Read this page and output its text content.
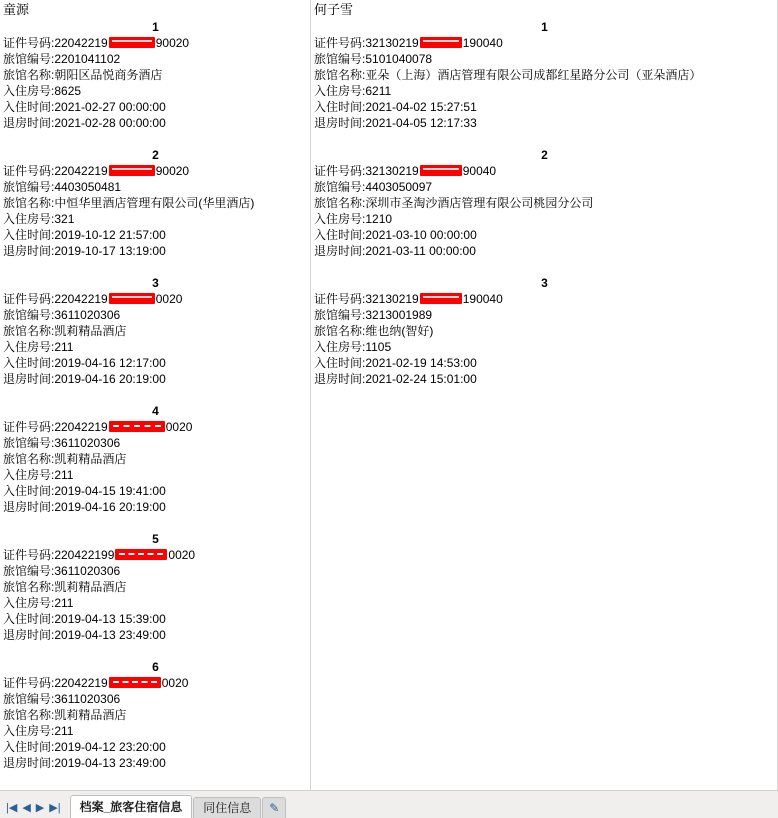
童源
1
证件号码:22042219	90020
旅馆编号:2201041102
旅馆名称:朝阳区品悦商务酒店
入住房号:8625
入住时间:2021-02-27 00:00:00
退房时间:2021-02-28 00:00:00
2
证件号码:22042219	90020
旅馆编号:4403050481
旅馆名称:中恒华里酒店管理有限公司(华里酒店)
入住房号:321
入住时间:2019-10-12 21:57:00
退房时间:2019-10-17 13:19:00
3
证件号码:22042219	0020
旅馆编号:3611020306
旅馆名称:凯莉精品酒店
入住房号:211
入住时间:2019-04-16 12:17:00
退房时间:2019-04-16 20:19:00
4
证件号码:22042219	0020
旅馆编号:3611020306
旅馆名称:凯莉精品酒店
入住房号:211
入住时间:2019-04-15 19:41:00
退房时间:2019-04-16 20:19:00
5
证件号码:220422199	0020
旅馆编号:3611020306
旅馆名称:凯莉精品酒店
入住房号:211
入住时间:2019-04-13 15:39:00
退房时间:2019-04-13 23:49:00
6
证件号码:22042219	0020
旅馆编号:3611020306
旅馆名称:凯莉精品酒店
入住房号:211
入住时间:2019-04-12 23:20:00
退房时间:2019-04-13 23:49:00
何子雪
1
证件号码:32130219	190040
旅馆编号:5101040078
旅馆名称:亚朵（上海）酒店管理有限公司成都红星路分公司（亚朵酒店）
入住房号:6211
入住时间:2021-04-02 15:27:51
退房时间:2021-04-05 12:17:33
2
证件号码:32130219	90040
旅馆编号:4403050097
旅馆名称:深圳市圣淘沙酒店管理有限公司桃园分公司
入住房号:1210
入住时间:2021-03-10 00:00:00
退房时间:2021-03-11 00:00:00
3
证件号码:32130219	190040
旅馆编号:3213001989
旅馆名称:维也纳(智好)
入住房号:1105
入住时间:2021-02-19 14:53:00
退房时间:2021-02-24 15:01:00
|◀ ◀ ▶ ▶|	档案_旅客住宿信息	同住信息	✎
